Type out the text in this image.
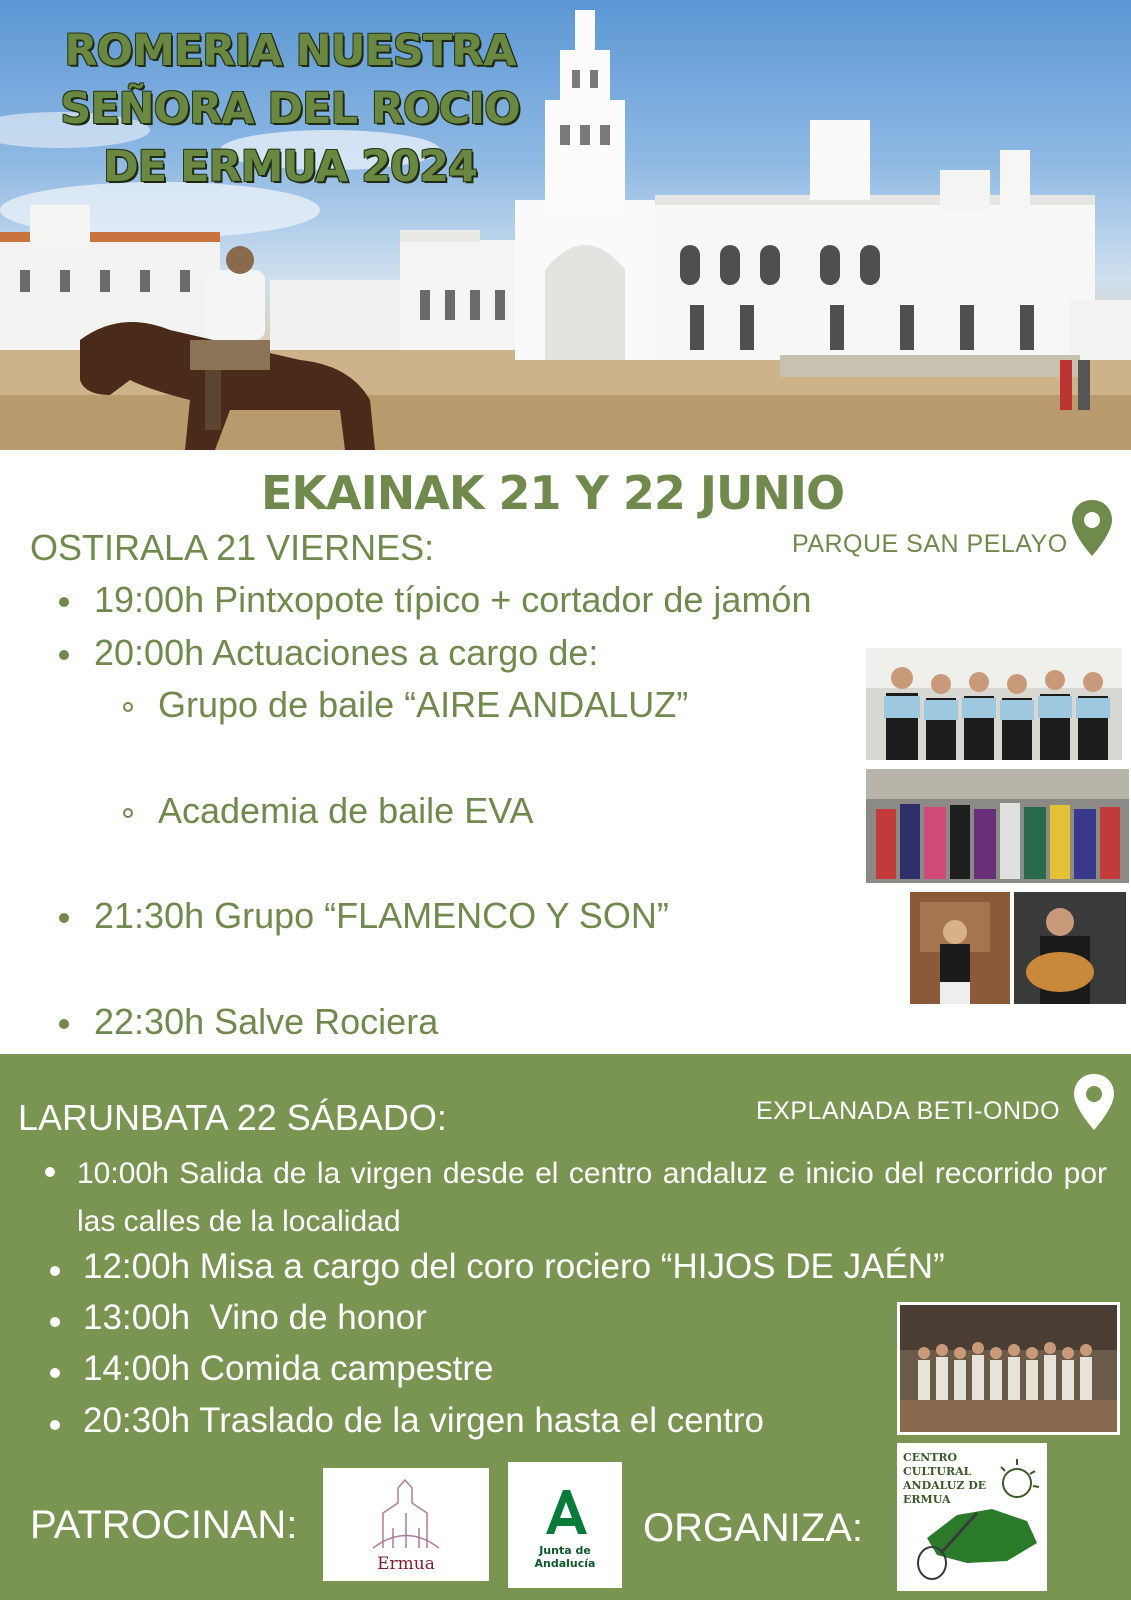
ROMERIA NUESTRA
SEÑORA DEL ROCIO
DE ERMUA 2024
EKAINAK 21 Y 22 JUNIO
OSTIRALA 21 VIERNES:	PARQUE SAN PELAYO
19:00h Pintxopote típico + cortador de jamón
20:00h Actuaciones a cargo de:
Grupo de baile “AIRE ANDALUZ”
Academia de baile EVA
21:30h Grupo “FLAMENCO Y SON”
22:30h Salve Rociera
LARUNBATA 22 SÁBADO:	EXPLANADA BETI-ONDO
10:00h Salida de la virgen desde el centro andaluz e inicio del recorrido por las calles de la localidad
12:00h Misa a cargo del coro rociero “HIJOS DE JAÉN”
13:00h  Vino de honor
14:00h Comida campestre
20:30h Traslado de la virgen hasta el centro
PATROCINAN:
Ermua
Junta de Andalucía
ORGANIZA:
CENTRO CULTURAL
ANDALUZ DE
ERMUA
